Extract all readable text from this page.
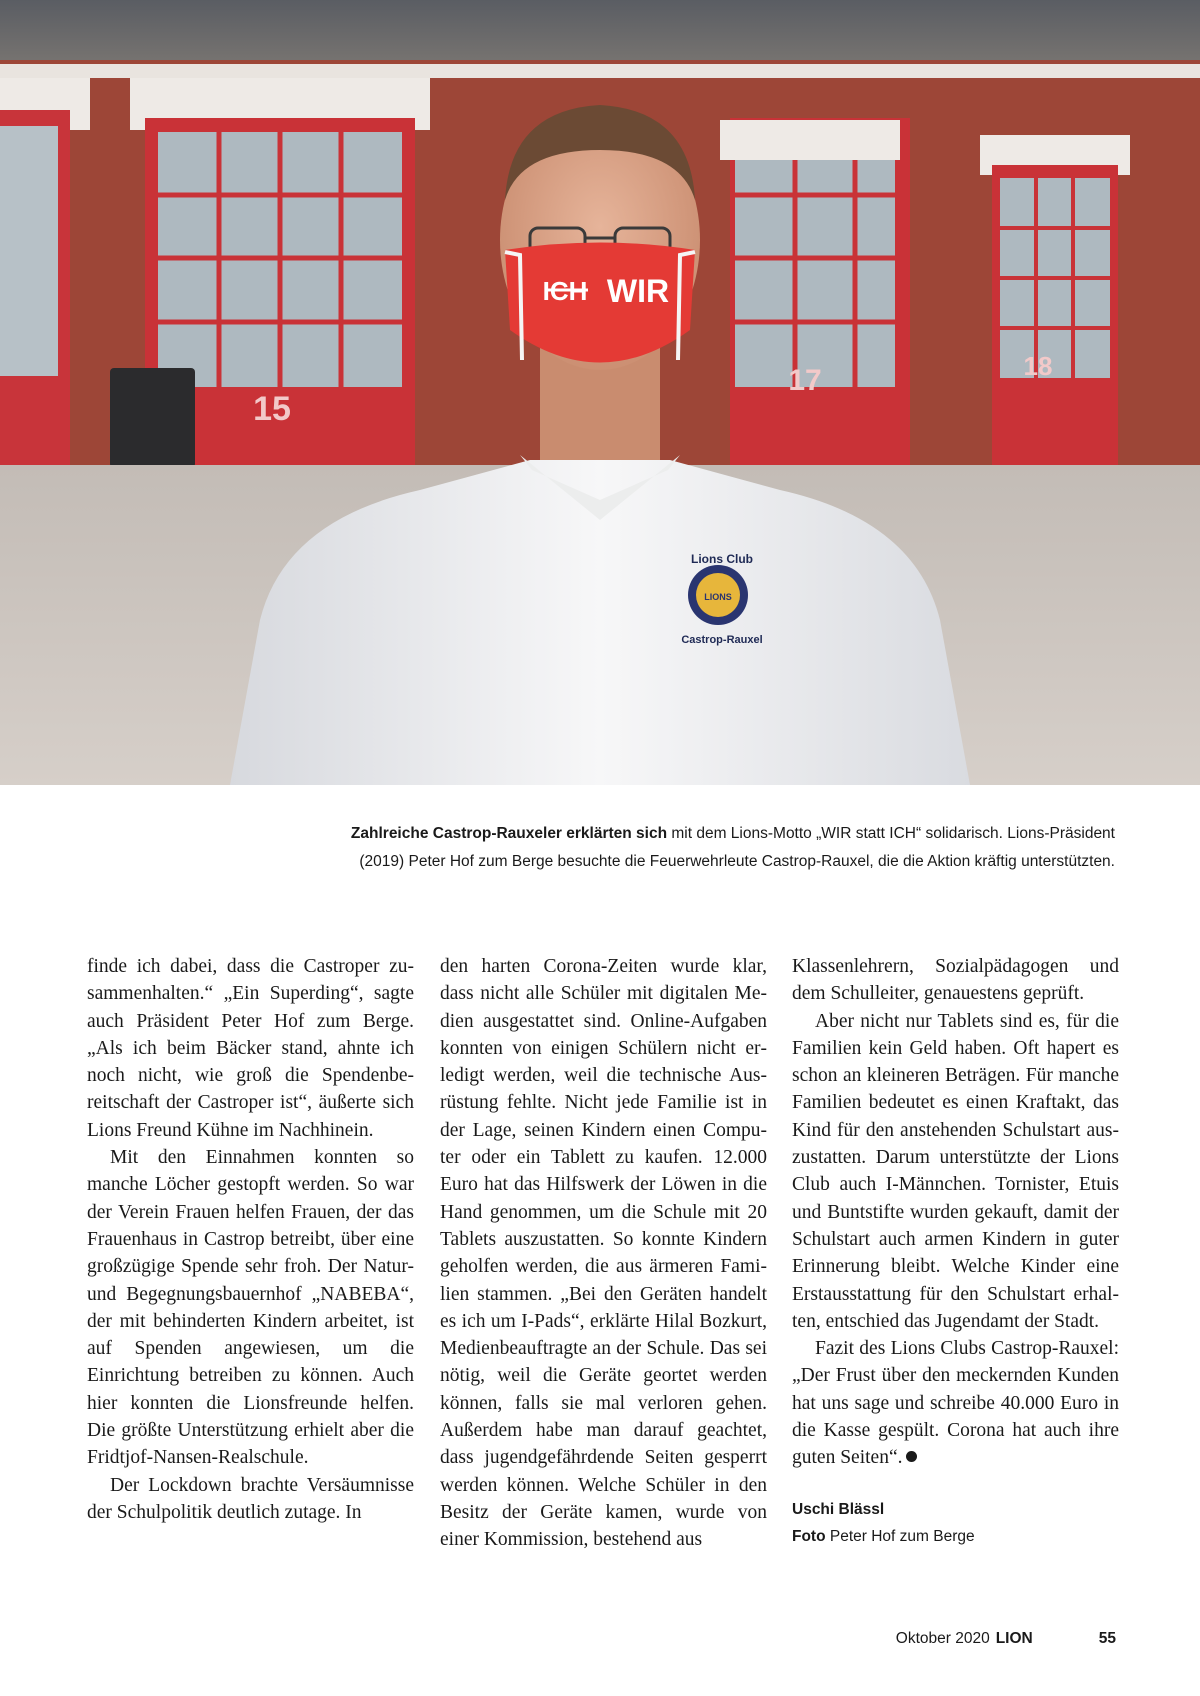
15
17	18
ICH WIR
LIONS
Lions Club
Castrop-Rauxel
Zahlreiche Castrop-Rauxeler erklärten sich mit dem Lions-Motto „WIR statt ICH“ solidarisch. Lions-Präsident
(2019) Peter Hof zum Berge besuchte die Feuerwehrleute Castrop-Rauxel, die die Aktion kräftig unterstützten.

finde ich dabei, dass die Castroper zusammenhalten.“ „Ein Superding“, sagte auch Präsident Peter Hof zum Berge. „Als ich beim Bäcker stand, ahnte ich noch nicht, wie groß die Spendenbereitschaft der Castroper ist“, äußerte sich Lions Freund Kühne im Nachhinein.

Mit den Einnahmen konnten so manche Löcher gestopft werden. So war der Verein Frauen helfen Frauen, der das Frauenhaus in Castrop betreibt, über eine großzügige Spende sehr froh. Der Natur- und Begegnungsbauernhof „NABEBA“, der mit behinderten Kindern arbeitet, ist auf Spenden angewiesen, um die Einrichtung betreiben zu können. Auch hier konnten die Lionsfreunde helfen. Die größte Unterstützung erhielt aber die Fridtjof-Nansen-Realschule.

Der Lockdown brachte Versäumnisse der Schulpolitik deutlich zutage. In

den harten Corona-Zeiten wurde klar, dass nicht alle Schüler mit digitalen Medien ausgestattet sind. Online-Aufgaben konnten von einigen Schülern nicht erledigt werden, weil die technische Ausrüstung fehlte. Nicht jede Familie ist in der Lage, seinen Kindern einen Computer oder ein Tablett zu kaufen. 12.000 Euro hat das Hilfswerk der Löwen in die Hand genommen, um die Schule mit 20 Tablets auszustatten. So konnte Kindern geholfen werden, die aus ärmeren Familien stammen. „Bei den Geräten handelt es ich um I-Pads“, erklärte Hilal Bozkurt, Medienbeauftragte an der Schule. Das sei nötig, weil die Geräte geortet werden können, falls sie mal verloren gehen. Außerdem habe man darauf geachtet, dass jugendgefährdende Seiten gesperrt werden können. Welche Schüler in den Besitz der Geräte kamen, wurde von einer Kommission, bestehend aus

Klassenlehrern, Sozialpädagogen und dem Schulleiter, genauestens geprüft.

Aber nicht nur Tablets sind es, für die Familien kein Geld haben. Oft hapert es schon an kleineren Beträgen. Für manche Familien bedeutet es einen Kraftakt, das Kind für den anstehenden Schulstart auszustatten. Darum unterstützte der Lions Club auch I-Männchen. Tornister, Etuis und Buntstifte wurden gekauft, damit der Schulstart auch armen Kindern in guter Erinnerung bleibt. Welche Kinder eine Erstausstattung für den Schulstart erhalten, entschied das Jugendamt der Stadt.

Fazit des Lions Clubs Castrop-Rauxel: „Der Frust über den meckernden Kunden hat uns sage und schreibe 40.000 Euro in die Kasse gespült. Corona hat auch ihre guten Seiten“.

Uschi Blässl
Foto Peter Hof zum Berge
Oktober 2020 LION	55
